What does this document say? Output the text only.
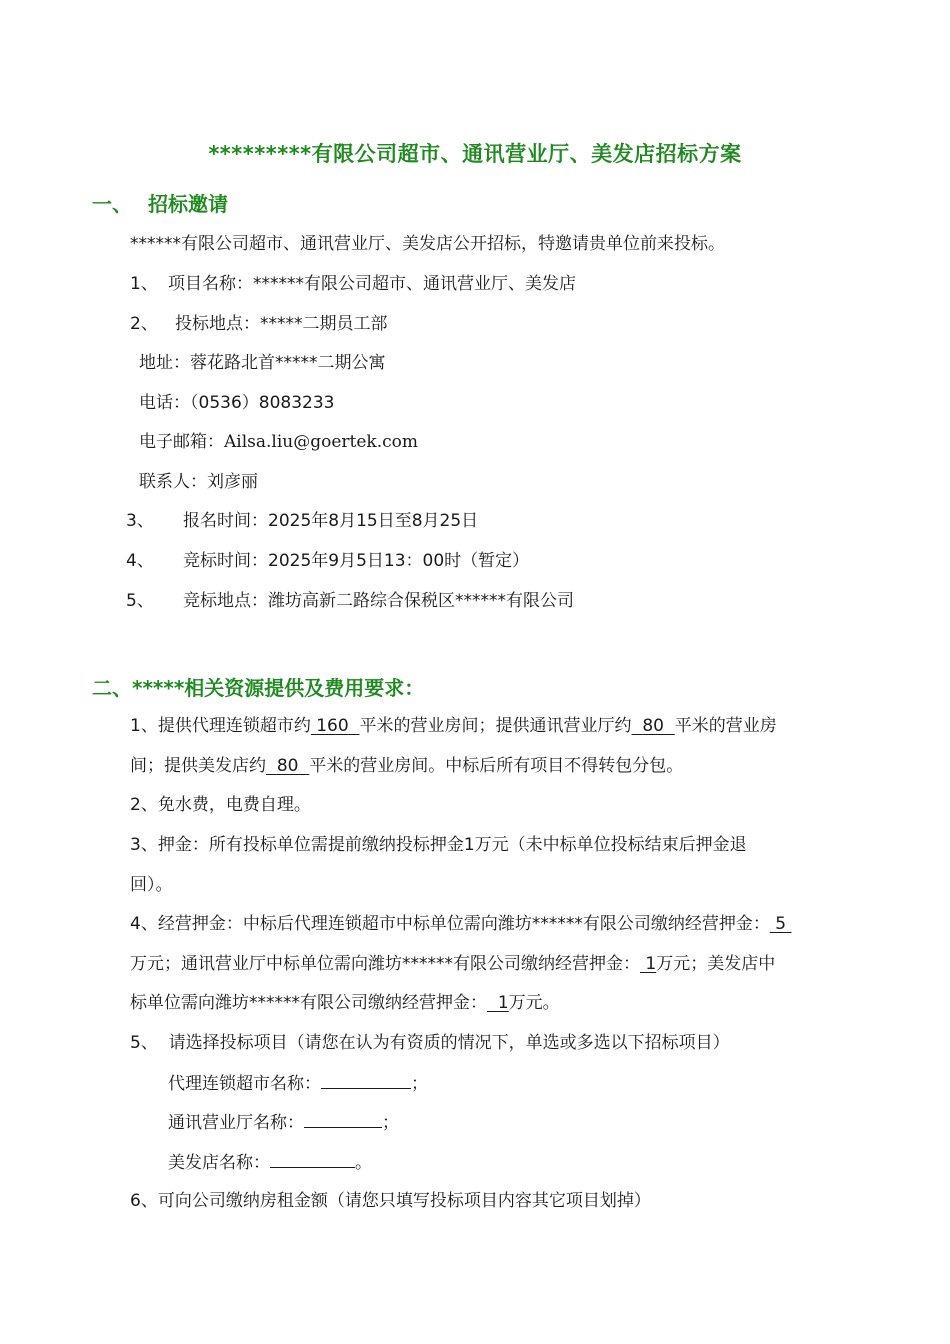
*********有限公司超市、通讯营业厅、美发店招标方案
一、 招标邀请
******有限公司超市、通讯营业厅、美发店公开招标，特邀请贵单位前来投标。
1、 项目名称：******有限公司超市、通讯营业厅、美发店
2、 投标地点：*****二期员工部
地址：蓉花路北首*****二期公寓
电话：（0536）8083233
电子邮箱：Ailsa.liu@goertek.com
联系人：刘彦丽
3、 报名时间：2025年8月15日至8月25日
4、 竞标时间：2025年9月5日13：00时（暂定）
5、 竞标地点：潍坊高新二路综合保税区******有限公司
二、*****相关资源提供及费用要求：
1、提供代理连锁超市约 160 平米的营业房间；提供通讯营业厅约 80 平米的营业房
间；提供美发店约 80 平米的营业房间。中标后所有项目不得转包分包。
2、免水费，电费自理。
3、押金：所有投标单位需提前缴纳投标押金1万元（未中标单位投标结束后押金退
回）。
4、经营押金：中标后代理连锁超市中标单位需向潍坊******有限公司缴纳经营押金： 5
万元；通讯营业厅中标单位需向潍坊******有限公司缴纳经营押金： 1万元；美发店中
标单位需向潍坊******有限公司缴纳经营押金： 1万元。
5、  请选择投标项目（请您在认为有资质的情况下，单选或多选以下招标项目）
代理连锁超市名称：	；
通讯营业厅名称：	；
美发店名称：	。
6、可向公司缴纳房租金额（请您只填写投标项目内容其它项目划掉）
